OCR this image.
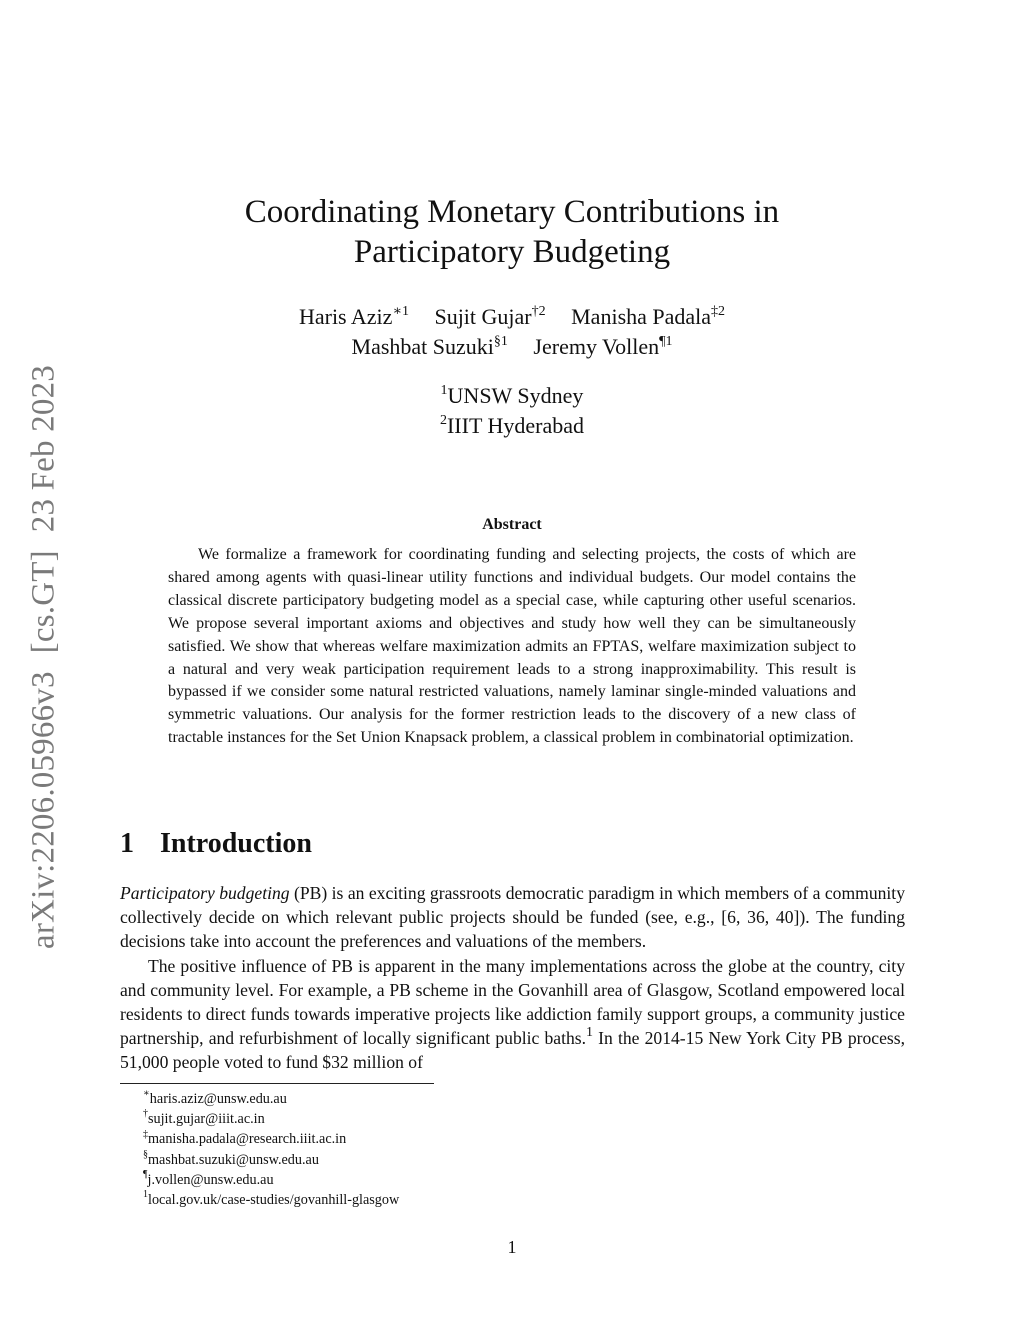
arXiv:2206.05966v3[cs.GT]23 Feb 2023
Coordinating Monetary Contributions in
Participatory Budgeting
Haris Aziz$^{∗1}$ Sujit Gujar$^{\dagger 2}$ Manisha Padala$^{\ddagger 2}$
Mashbat Suzuki$^{\S 1}$ Jeremy Vollen$^{\P 1}$
$^1$UNSW Sydney
$^2$IIIT Hyderabad
Abstract

We formalize a framework for coordinating funding and selecting projects, the costs of which are shared among agents with quasi-linear utility functions and individual budgets. Our model contains the classical discrete participatory budgeting model as a special case, while capturing other useful scenarios. We propose several important axioms and objectives and study how well they can be simultaneously satisfied. We show that whereas welfare maximization admits an FPTAS, welfare maximization subject to a natural and very weak participation requirement leads to a strong inapproximability. This result is bypassed if we consider some natural restricted valuations, namely laminar single-minded valuations and symmetric valuations. Our analysis for the former restriction leads to the discovery of a new class of tractable instances for the Set Union Knapsack problem, a classical problem in combinatorial optimization.

1 Introduction

Participatory budgeting (PB) is an exciting grassroots democratic paradigm in which members of a community collectively decide on which relevant public projects should be funded (see, e.g., [6, 36, 40]). The funding decisions take into account the preferences and valuations of the members.

The positive influence of PB is apparent in the many implementations across the globe at the country, city and community level. For example, a PB scheme in the Govanhill area of Glasgow, Scotland empowered local residents to direct funds towards imperative projects like addiction family support groups, a community justice partnership, and refurbishment of locally significant public baths.$^1$ In the 2014-15 New York City PB process, 51,000 people voted to fund $32 million of

∗haris.aziz@unsw.edu.au
†sujit.gujar@iiit.ac.in
‡manisha.padala@research.iiit.ac.in
§mashbat.suzuki@unsw.edu.au
¶j.vollen@unsw.edu.au
$^1$local.gov.uk/case-studies/govanhill-glasgow
1
